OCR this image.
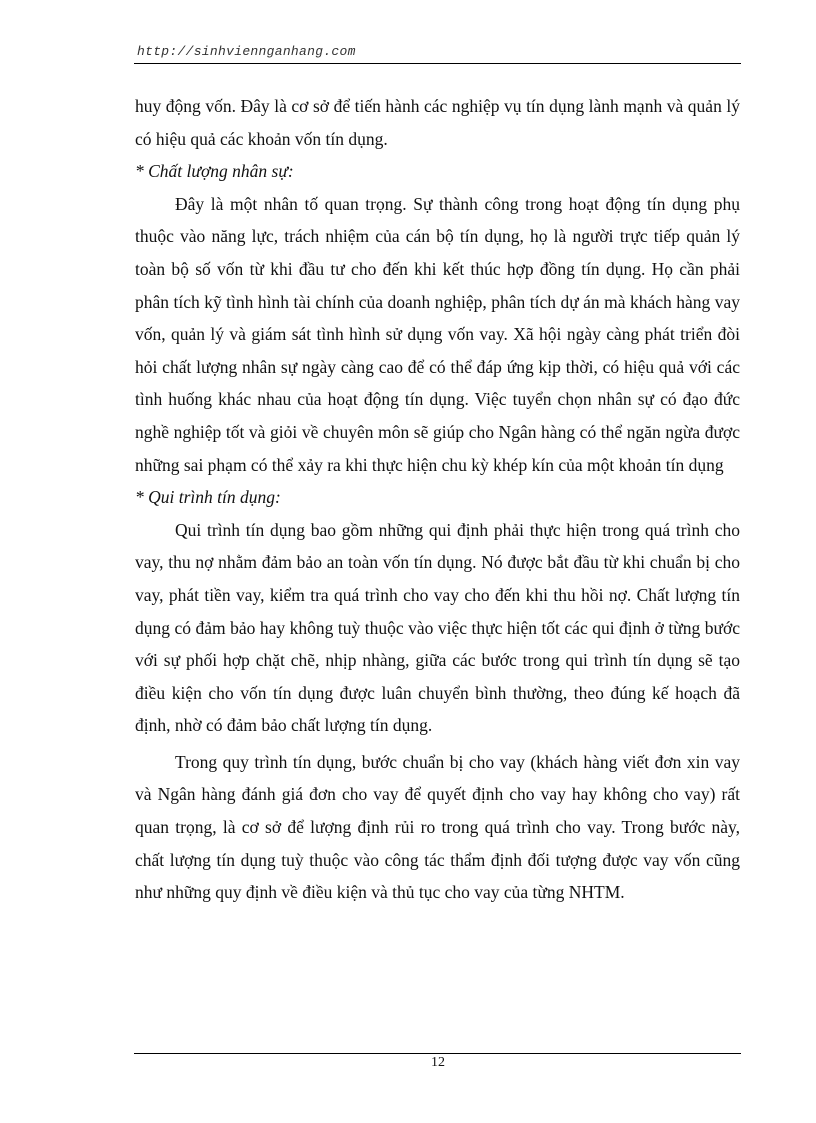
http://sinhviennganhang.com

huy động vốn. Đây là cơ sở để tiến hành các nghiệp vụ tín dụng lành mạnh và quản lý có hiệu quả các khoản vốn tín dụng.

* Chất lượng nhân sự:

Đây là một nhân tố quan trọng. Sự thành công trong hoạt động tín dụng phụ thuộc vào năng lực, trách nhiệm của cán bộ tín dụng, họ là người trực tiếp quản lý toàn bộ số vốn từ khi đầu tư cho đến khi kết thúc hợp đồng tín dụng. Họ cần phải phân tích kỹ tình hình tài chính của doanh nghiệp, phân tích dự án mà khách hàng vay vốn, quản lý và giám sát tình hình sử dụng vốn vay. Xã hội ngày càng phát triển đòi hỏi chất lượng nhân sự ngày càng cao để có thể đáp ứng kịp thời, có hiệu quả với các tình huống khác nhau của hoạt động tín dụng. Việc tuyển chọn nhân sự có đạo đức nghề nghiệp tốt và giỏi về chuyên môn sẽ giúp cho Ngân hàng có thể ngăn ngừa được những sai phạm có thể xảy ra khi thực hiện chu kỳ khép kín của một khoản tín dụng

* Qui trình tín dụng:

Qui trình tín dụng bao gồm những qui định phải thực hiện trong quá trình cho vay, thu nợ nhằm đảm bảo an toàn vốn tín dụng. Nó được bắt đầu từ khi chuẩn bị cho vay, phát tiền vay, kiểm tra quá trình cho vay cho đến khi thu hồi nợ. Chất lượng tín dụng có đảm bảo hay không tuỳ thuộc vào việc thực hiện tốt các qui định ở từng bước với sự phối hợp chặt chẽ, nhịp nhàng, giữa các bước trong qui trình tín dụng sẽ tạo điều kiện cho vốn tín dụng được luân chuyển bình thường, theo đúng kế hoạch đã định, nhờ có đảm bảo chất lượng tín dụng.

Trong quy trình tín dụng, bước chuẩn bị cho vay (khách hàng viết đơn xin vay và Ngân hàng đánh giá đơn cho vay để quyết định cho vay hay không cho vay) rất quan trọng, là cơ sở để lượng định rủi ro trong quá trình cho vay. Trong bước này, chất lượng tín dụng tuỳ thuộc vào công tác thẩm định đối tượng được vay vốn cũng như những quy định về điều kiện và thủ tục cho vay của từng NHTM.

12
